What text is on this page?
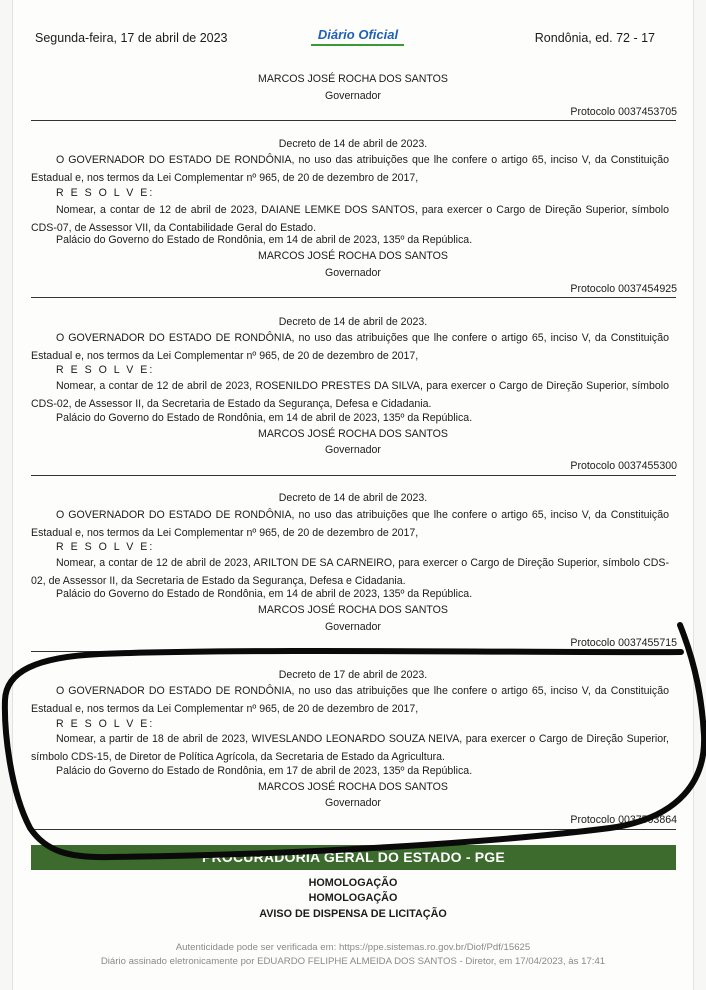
Segunda-feira, 17 de abril de 2023	Diário Oficial	Rondônia, ed. 72 - 17
MARCOS JOSÉ ROCHA DOS SANTOS
Governador
Protocolo 0037453705
Decreto de 14 de abril de 2023.
O GOVERNADOR DO ESTADO DE RONDÔNIA, no uso das atribuições que lhe confere o artigo 65, inciso V, da Constituição Estadual e, nos termos da Lei Complementar nº 965, de 20 de dezembro de 2017,
R E S O L V E:
Nomear, a contar de 12 de abril de 2023, DAIANE LEMKE DOS SANTOS, para exercer o Cargo de Direção Superior, símbolo CDS-07, de Assessor VII, da Contabilidade Geral do Estado.
Palácio do Governo do Estado de Rondônia, em 14 de abril de 2023, 135º da República.
MARCOS JOSÉ ROCHA DOS SANTOS
Governador
Protocolo 0037454925
Decreto de 14 de abril de 2023.
O GOVERNADOR DO ESTADO DE RONDÔNIA, no uso das atribuições que lhe confere o artigo 65, inciso V, da Constituição Estadual e, nos termos da Lei Complementar nº 965, de 20 de dezembro de 2017,
R E S O L V E:
Nomear, a contar de 12 de abril de 2023, ROSENILDO PRESTES DA SILVA, para exercer o Cargo de Direção Superior, símbolo CDS-02, de Assessor II, da Secretaria de Estado da Segurança, Defesa e Cidadania.
Palácio do Governo do Estado de Rondônia, em 14 de abril de 2023, 135º da República.
MARCOS JOSÉ ROCHA DOS SANTOS
Governador
Protocolo 0037455300
Decreto de 14 de abril de 2023.
O GOVERNADOR DO ESTADO DE RONDÔNIA, no uso das atribuições que lhe confere o artigo 65, inciso V, da Constituição Estadual e, nos termos da Lei Complementar nº 965, de 20 de dezembro de 2017,
R E S O L V E:
Nomear, a contar de 12 de abril de 2023, ARILTON DE SA CARNEIRO, para exercer o Cargo de Direção Superior, símbolo CDS-02, de Assessor II, da Secretaria de Estado da Segurança, Defesa e Cidadania.
Palácio do Governo do Estado de Rondônia, em 14 de abril de 2023, 135º da República.
MARCOS JOSÉ ROCHA DOS SANTOS
Governador
Protocolo 0037455715
Decreto de 17 de abril de 2023.
O GOVERNADOR DO ESTADO DE RONDÔNIA, no uso das atribuições que lhe confere o artigo 65, inciso V, da Constituição Estadual e, nos termos da Lei Complementar nº 965, de 20 de dezembro de 2017,
R E S O L V E:
Nomear, a partir de 18 de abril de 2023, WIVESLANDO LEONARDO SOUZA NEIVA, para exercer o Cargo de Direção Superior, símbolo CDS-15, de Diretor de Política Agrícola, da Secretaria de Estado da Agricultura.
Palácio do Governo do Estado de Rondônia, em 17 de abril de 2023, 135º da República.
MARCOS JOSÉ ROCHA DOS SANTOS
Governador
Protocolo 0037503864
PROCURADORIA GERAL DO ESTADO - PGE
HOMOLOGAÇÃO
HOMOLOGAÇÃO
AVISO DE DISPENSA DE LICITAÇÃO
Autenticidade pode ser verificada em: https://ppe.sistemas.ro.gov.br/Diof/Pdf/15625
Diário assinado eletronicamente por EDUARDO FELIPHE ALMEIDA DOS SANTOS - Diretor, em 17/04/2023, às 17:41
